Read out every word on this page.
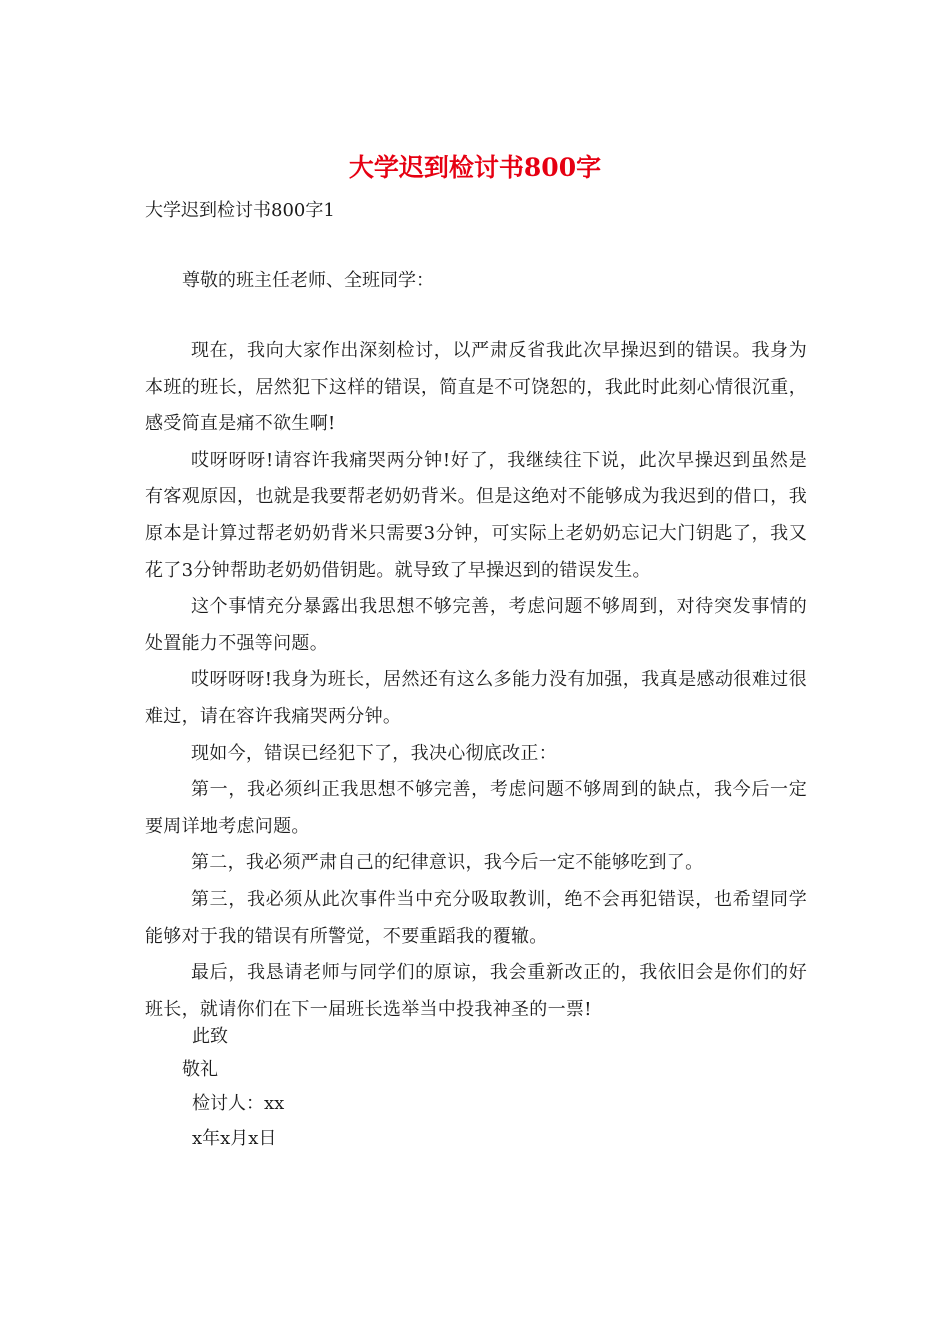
大学迟到检讨书800字
大学迟到检讨书800字1
尊敬的班主任老师、全班同学：

现在，我向大家作出深刻检讨，以严肃反省我此次早操迟到的错误。我身为本班的班长，居然犯下这样的错误，简直是不可饶恕的，我此时此刻心情很沉重，感受简直是痛不欲生啊!

哎呀呀呀!请容许我痛哭两分钟!好了，我继续往下说，此次早操迟到虽然是有客观原因，也就是我要帮老奶奶背米。但是这绝对不能够成为我迟到的借口，我原本是计算过帮老奶奶背米只需要3分钟，可实际上老奶奶忘记大门钥匙了，我又花了3分钟帮助老奶奶借钥匙。就导致了早操迟到的错误发生。

这个事情充分暴露出我思想不够完善，考虑问题不够周到，对待突发事情的处置能力不强等问题。

哎呀呀呀!我身为班长，居然还有这么多能力没有加强，我真是感动很难过很难过，请在容许我痛哭两分钟。

现如今，错误已经犯下了，我决心彻底改正：

第一，我必须纠正我思想不够完善，考虑问题不够周到的缺点，我今后一定要周详地考虑问题。

第二，我必须严肃自己的纪律意识，我今后一定不能够吃到了。

第三，我必须从此次事件当中充分吸取教训，绝不会再犯错误，也希望同学能够对于我的错误有所警觉，不要重蹈我的覆辙。

最后，我恳请老师与同学们的原谅，我会重新改正的，我依旧会是你们的好班长，就请你们在下一届班长选举当中投我神圣的一票!

此致
敬礼
检讨人：xx
x年x月x日
